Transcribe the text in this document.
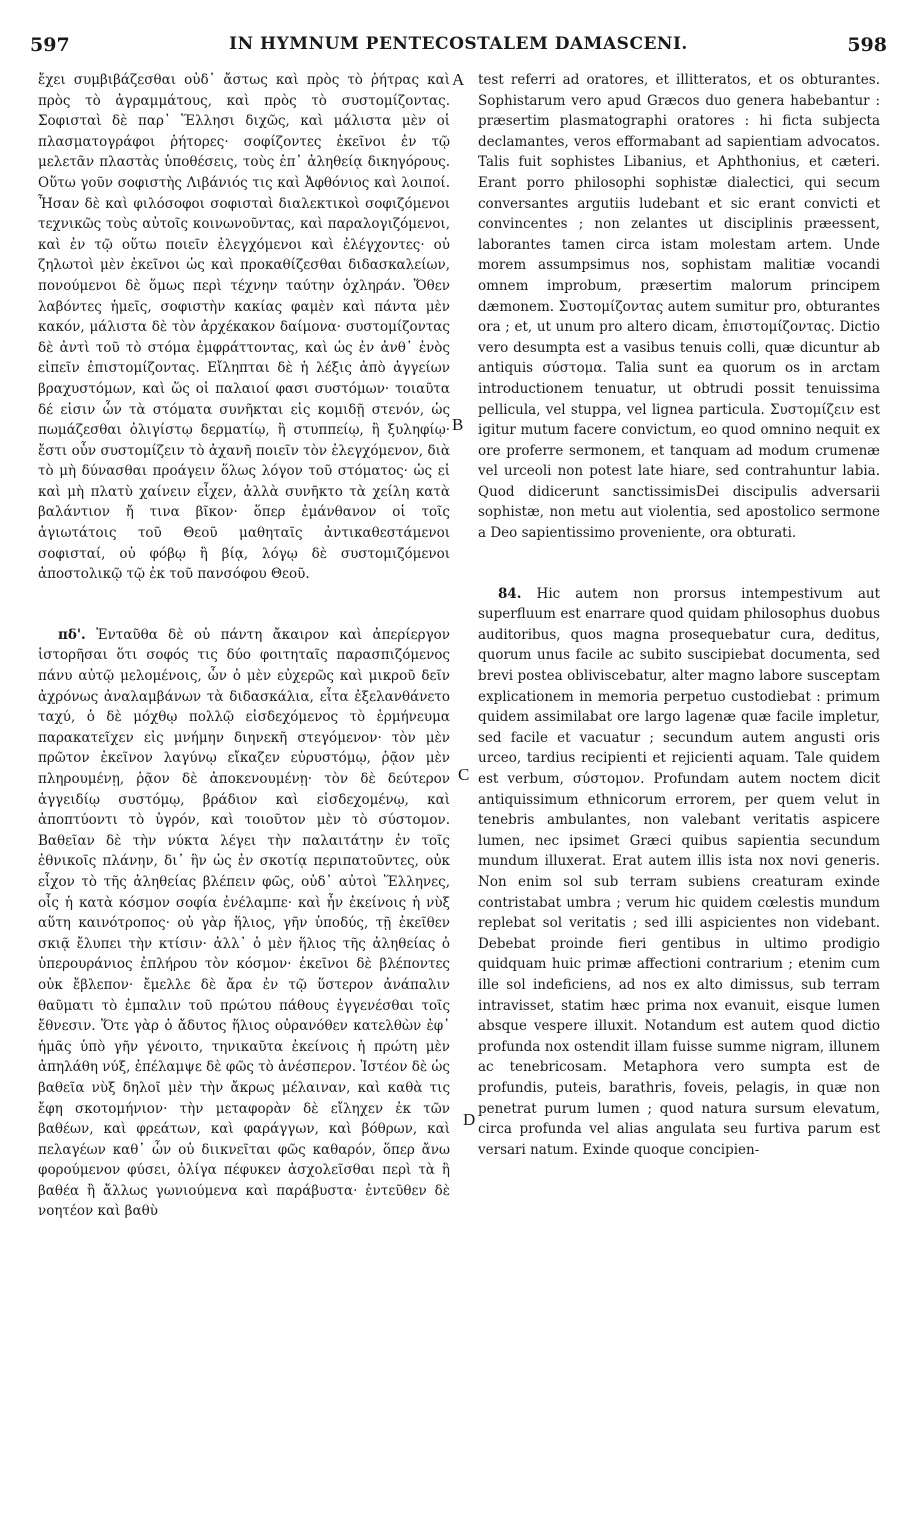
597	IN HYMNUM PENTECOSTALEM DAMASCENI.	598

ἔχει συμβιβάζεσθαι οὐδ᾽ ἄστως καὶ πρὸς τὸ ῥήτρας καὶ πρὸς τὸ ἀγραμμάτους, καὶ πρὸς τὸ συστομίζοντας. Σοφισταὶ δὲ παρ᾽ Ἕλλησι διχῶς, καὶ μάλιστα μὲν οἱ πλασματογράφοι ῥήτορες· σοφίζοντες ἐκεῖνοι ἐν τῷ μελετᾶν πλαστὰς ὑποθέσεις, τοὺς ἐπ᾽ ἀληθείᾳ δικηγόρους. Οὕτω γοῦν σοφιστὴς Λιβάνιός τις καὶ Ἀφθόνιος καὶ λοιποί. Ἦσαν δὲ καὶ φιλόσοφοι σοφισταὶ διαλεκτικοὶ σοφιζόμενοι τεχνικῶς τοὺς αὐτοῖς κοινωνοῦντας, καὶ παραλογιζόμενοι, καὶ ἐν τῷ οὕτω ποιεῖν ἐλεγχόμενοι καὶ ἐλέγχοντες· οὐ ζηλωτοὶ μὲν ἐκεῖνοι ὡς καὶ προκαθίζεσθαι διδασκαλείων, πονούμενοι δὲ ὅμως περὶ τέχνην ταύτην ὀχληράν. Ὅθεν λαβόντες ἡμεῖς, σοφιστὴν κακίας φαμὲν καὶ πάντα μὲν κακόν, μάλιστα δὲ τὸν ἀρχέκακον δαίμονα· συστομίζοντας δὲ ἀντὶ τοῦ τὸ στόμα ἐμφράττοντας, καὶ ὡς ἐν ἀνθ᾽ ἑνὸς εἰπεῖν ἐπιστομίζοντας. Εἴληπται δὲ ἡ λέξις ἀπὸ ἀγγείων βραχυστόμων, καὶ ὥς οἱ παλαιοί φασι συστόμων· τοιαῦτα δέ εἰσιν ὧν τὰ στόματα συνῆκται εἰς κομιδῇ στενόν, ὡς πωμάζεσθαι ὀλιγίστῳ δερματίῳ, ἢ στυππείῳ, ἢ ξυληφίῳ· ἔστι οὖν συστομίζειν τὸ ἀχανῆ ποιεῖν τὸν ἐλεγχόμενον, διὰ τὸ μὴ δύνασθαι προάγειν ὅλως λόγον τοῦ στόματος· ὡς εἰ καὶ μὴ πλατὺ χαίνειν εἶχεν, ἀλλὰ συνῆκτο τὰ χείλη κατὰ βαλάντιον ἤ τινα βῖκον· ὅπερ ἐμάνθανον οἱ τοῖς ἁγιωτάτοις τοῦ Θεοῦ μαθηταῖς ἀντικαθεστάμενοι σοφισταί, οὐ φόβῳ ἢ βίᾳ, λόγῳ δὲ συστομιζόμενοι ἀποστολικῷ τῷ ἐκ τοῦ πανσόφου Θεοῦ.

πδ'. Ἐνταῦθα δὲ οὐ πάντη ἄκαιρον καὶ ἀπερίεργον ἱστορῆσαι ὅτι σοφός τις δύο φοιτηταῖς παρασπιζόμενος πάνυ αὐτῷ μελομένοις, ὧν ὁ μὲν εὐχερῶς καὶ μικροῦ δεῖν ἀχρόνως ἀναλαμβάνων τὰ διδασκάλια, εἶτα ἐξελανθάνετο ταχύ, ὁ δὲ μόχθῳ πολλῷ εἰσδεχόμενος τὸ ἑρμήνευμα παρακατεῖχεν εἰς μνήμην διηνεκῆ στεγόμενον· τὸν μὲν πρῶτον ἐκεῖνον λαγύνῳ εἴκαζεν εὐρυστόμῳ, ῥᾷον μὲν πληρουμένῃ, ῥᾷον δὲ ἀποκενουμένῃ· τὸν δὲ δεύτερον ἀγγειδίῳ συστόμῳ, βράδιον καὶ εἰσδεχομένῳ, καὶ ἀποπτύοντι τὸ ὑγρόν, καὶ τοιοῦτον μὲν τὸ σύστομον. Βαθεῖαν δὲ τὴν νύκτα λέγει τὴν παλαιτάτην ἐν τοῖς ἐθνικοῖς πλάνην, δι᾽ ἣν ὡς ἐν σκοτίᾳ περιπατοῦντες, οὐκ εἶχον τὸ τῆς ἀληθείας βλέπειν φῶς, οὐδ᾽ αὐτοὶ Ἕλληνες, οἷς ἡ κατὰ κόσμον σοφία ἐνέλαμπε· καὶ ἦν ἐκείνοις ἡ νὺξ αὕτη καινότροπος· οὐ γὰρ ἥλιος, γῆν ὑποδύς, τῇ ἐκεῖθεν σκιᾷ ἔλυπει τὴν κτίσιν· ἀλλ᾽ ὁ μὲν ἥλιος τῆς ἀληθείας ὁ ὑπερουράνιος ἐπλήρου τὸν κόσμον· ἐκεῖνοι δὲ βλέποντες οὐκ ἔβλεπον· ἔμελλε δὲ ἄρα ἐν τῷ ὕστερον ἀνάπαλιν θαῦματι τὸ ἐμπαλιν τοῦ πρώτου πάθους ἐγγενέσθαι τοῖς ἔθνεσιν. Ὅτε γὰρ ὁ ἄδυτος ἥλιος οὐρανόθεν κατελθὼν ἐφ᾽ ἡμᾶς ὑπὸ γῆν γένοιτο, τηνικαῦτα ἐκείνοις ἡ πρώτη μὲν ἀπηλάθη νύξ, ἐπέλαμψε δὲ φῶς τὸ ἀνέσπερον. Ἰστέον δὲ ὡς βαθεῖα νὺξ δηλοῖ μὲν τὴν ἄκρως μέλαιναν, καὶ καθὰ τις ἔφη σκοτομήνιον· τὴν μεταφορὰν δὲ εἴληχεν ἐκ τῶν βαθέων, καὶ φρεάτων, καὶ φαράγγων, καὶ βόθρων, καὶ πελαγέων καθ᾽ ὧν οὐ διικνεῖται φῶς καθαρόν, ὅπερ ἄνω φορούμενον φύσει, ὀλίγα πέφυκεν ἀσχολεῖσθαι περὶ τὰ ἢ βαθέα ἢ ἄλλως γωνιούμενα καὶ παράβυστα· ἐντεῦθεν δὲ νοητέον καὶ βαθὺ

A
B
C
D

test referri ad oratores, et illitteratos, et os obturantes. Sophistarum vero apud Græcos duo genera habebantur : præsertim plasmatographi oratores : hi ficta subjecta declamantes, veros efformabant ad sapientiam advocatos. Talis fuit sophistes Libanius, et Aphthonius, et cæteri. Erant porro philosophi sophistæ dialectici, qui secum conversantes argutiis ludebant et sic erant convicti et convincentes ; non zelantes ut disciplinis præessent, laborantes tamen circa istam molestam artem. Unde morem assumpsimus nos, sophistam malitiæ vocandi omnem improbum, præsertim malorum principem dæmonem. Συστομίζοντας autem sumitur pro, obturantes ora ; et, ut unum pro altero dicam, ἐπιστομίζοντας. Dictio vero desumpta est a vasibus tenuis colli, quæ dicuntur ab antiquis σύστομα. Talia sunt ea quorum os in arctam introductionem tenuatur, ut obtrudi possit tenuissima pellicula, vel stuppa, vel lignea particula. Συστομίζειν est igitur mutum facere convictum, eo quod omnino nequit ex ore proferre sermonem, et tanquam ad modum crumenæ vel urceoli non potest late hiare, sed contrahuntur labia. Quod didicerunt sanctissimisDei discipulis adversarii sophistæ, non metu aut violentia, sed apostolico sermone a Deo sapientissimo proveniente, ora obturati.

84. Hic autem non prorsus intempestivum aut superfluum est enarrare quod quidam philosophus duobus auditoribus, quos magna prosequebatur cura, deditus, quorum unus facile ac subito suscipiebat documenta, sed brevi postea obliviscebatur, alter magno labore susceptam explicationem in memoria perpetuo custodiebat : primum quidem assimilabat ore largo lagenæ quæ facile impletur, sed facile et vacuatur ; secundum autem angusti oris urceo, tardius recipienti et rejicienti aquam. Tale quidem est verbum, σύστομον. Profundam autem noctem dicit antiquissimum ethnicorum errorem, per quem velut in tenebris ambulantes, non valebant veritatis aspicere lumen, nec ipsimet Græci quibus sapientia secundum mundum illuxerat. Erat autem illis ista nox novi generis. Non enim sol sub terram subiens creaturam exinde contristabat umbra ; verum hic quidem cœlestis mundum replebat sol veritatis ; sed illi aspicientes non videbant. Debebat proinde fieri gentibus in ultimo prodigio quidquam huic primæ affectioni contrarium ; etenim cum ille sol indeficiens, ad nos ex alto dimissus, sub terram intravisset, statim hæc prima nox evanuit, eisque lumen absque vespere illuxit. Notandum est autem quod dictio profunda nox ostendit illam fuisse summe nigram, illunem ac tenebricosam. Metaphora vero sumpta est de profundis, puteis, barathris, foveis, pelagis, in quæ non penetrat purum lumen ; quod natura sursum elevatum, circa profunda vel alias angulata seu furtiva parum est versari natum. Exinde quoque concipien-
